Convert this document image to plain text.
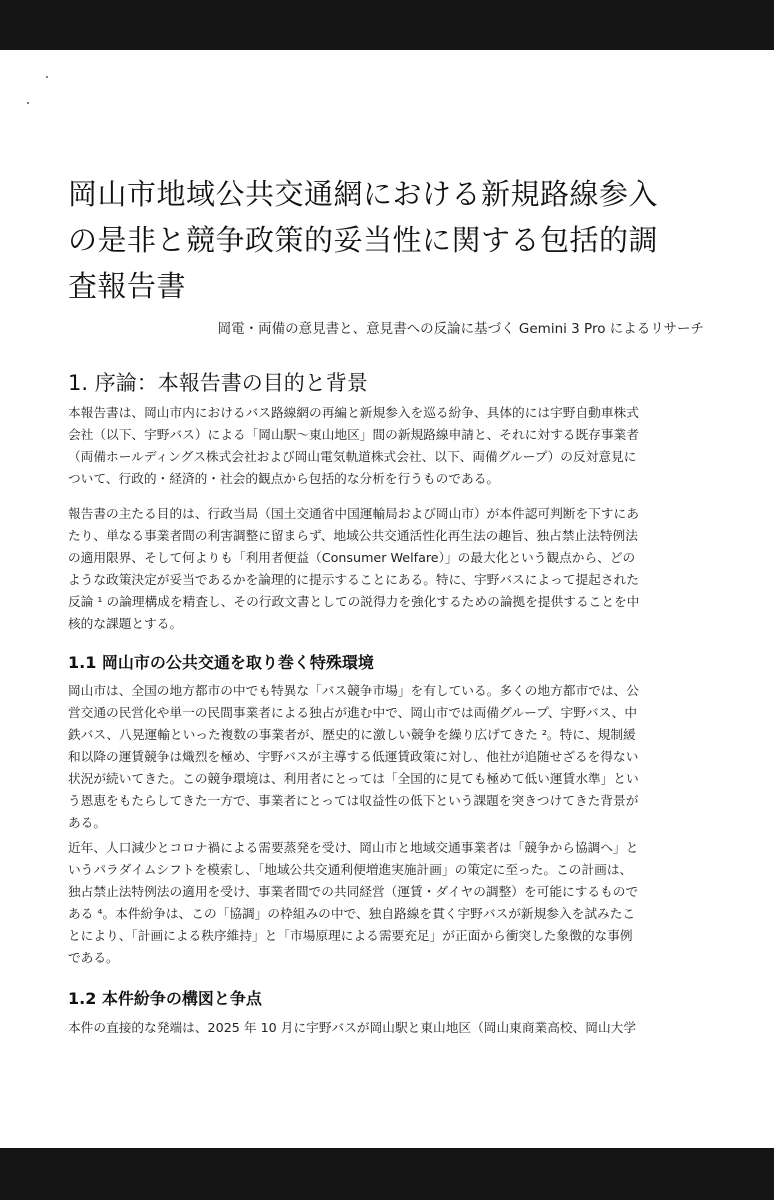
岡山市地域公共交通網における新規路線参入
の是非と競争政策的妥当性に関する包括的調
査報告書

岡電・両備の意見書と、意見書への反論に基づく Gemini 3 Pro によるリサーチ

1. 序論：本報告書の目的と背景

本報告書は、岡山市内におけるバス路線網の再編と新規参入を巡る紛争、具体的には宇野自動車株式
会社（以下、宇野バス）による「岡山駅〜東山地区」間の新規路線申請と、それに対する既存事業者
（両備ホールディングス株式会社および岡山電気軌道株式会社、以下、両備グループ）の反対意見に
ついて、行政的・経済的・社会的観点から包括的な分析を行うものである。

報告書の主たる目的は、行政当局（国土交通省中国運輸局および岡山市）が本件認可判断を下すにあ
たり、単なる事業者間の利害調整に留まらず、地域公共交通活性化再生法の趣旨、独占禁止法特例法
の適用限界、そして何よりも「利用者便益（Consumer Welfare）」の最大化という観点から、どの
ような政策決定が妥当であるかを論理的に提示することにある。特に、宇野バスによって提起された
反論 ¹ の論理構成を精査し、その行政文書としての説得力を強化するための論拠を提供することを中
核的な課題とする。

1.1 岡山市の公共交通を取り巻く特殊環境

岡山市は、全国の地方都市の中でも特異な「バス競争市場」を有している。多くの地方都市では、公
営交通の民営化や単一の民間事業者による独占が進む中で、岡山市では両備グループ、宇野バス、中
鉄バス、八晃運輸といった複数の事業者が、歴史的に激しい競争を繰り広げてきた ²。特に、規制緩
和以降の運賃競争は熾烈を極め、宇野バスが主導する低運賃政策に対し、他社が追随せざるを得ない
状況が続いてきた。この競争環境は、利用者にとっては「全国的に見ても極めて低い運賃水準」とい
う恩恵をもたらしてきた一方で、事業者にとっては収益性の低下という課題を突きつけてきた背景が
ある。

近年、人口減少とコロナ禍による需要蒸発を受け、岡山市と地域交通事業者は「競争から協調へ」と
いうパラダイムシフトを模索し、「地域公共交通利便増進実施計画」の策定に至った。この計画は、
独占禁止法特例法の適用を受け、事業者間での共同経営（運賃・ダイヤの調整）を可能にするもので
ある ⁴。本件紛争は、この「協調」の枠組みの中で、独自路線を貫く宇野バスが新規参入を試みたこ
とにより、「計画による秩序維持」と「市場原理による需要充足」が正面から衝突した象徴的な事例
である。

1.2 本件紛争の構図と争点

本件の直接的な発端は、2025 年 10 月に宇野バスが岡山駅と東山地区（岡山東商業高校、岡山大学
